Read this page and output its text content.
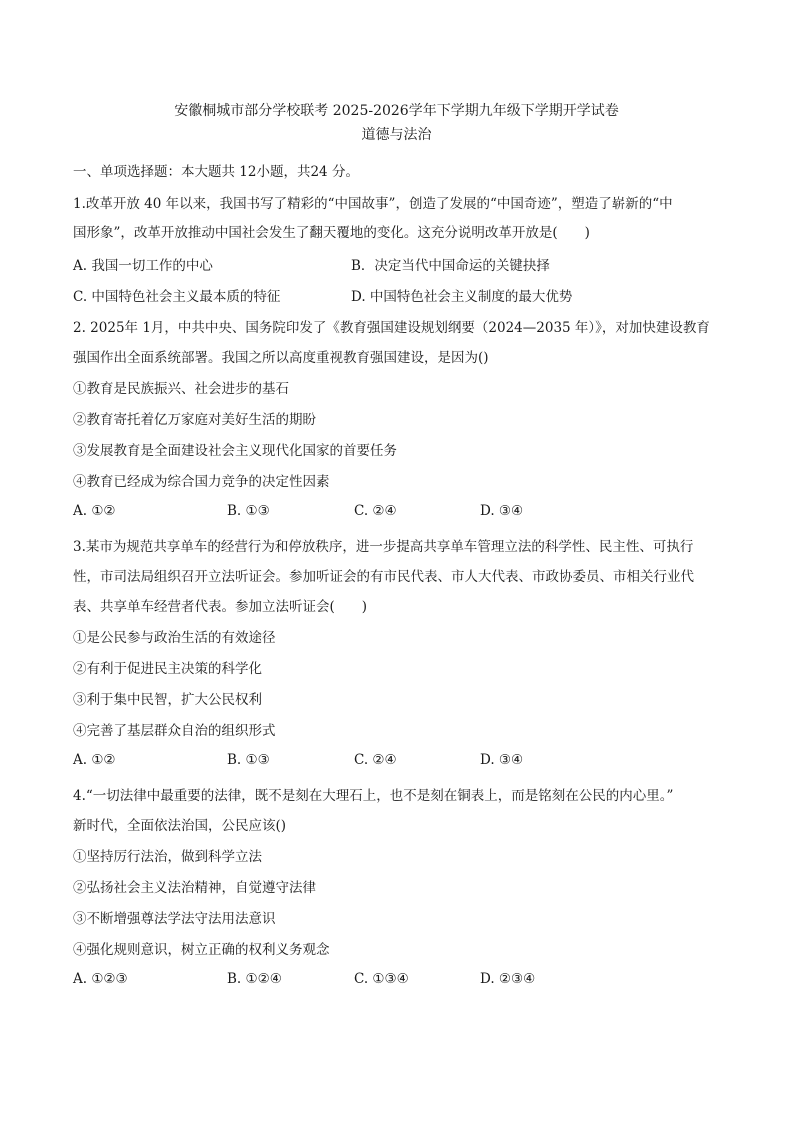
安徽桐城市部分学校联考 2025-2026学年下学期九年级下学期开学试卷
道德与法治
一、单项选择题：本大题共 12小题，共24 分。
1.改革开放 40 年以来，我国书写了精彩的“中国故事”，创造了发展的“中国奇迹”，塑造了崭新的“中
国形象”，改革开放推动中国社会发生了翻天覆地的变化。这充分说明改革开放是(　　)
A. 我国一切工作的中心	B．决定当代中国命运的关键抉择
C. 中国特色社会主义最本质的特征	D. 中国特色社会主义制度的最大优势
2. 2025年 1月，中共中央、国务院印发了《教育强国建设规划纲要（2024—2035 年）》，对加快建设教育
强国作出全面系统部署。我国之所以高度重视教育强国建设，是因为()
①教育是民族振兴、社会进步的基石
②教育寄托着亿万家庭对美好生活的期盼
③发展教育是全面建设社会主义现代化国家的首要任务
④教育已经成为综合国力竞争的决定性因素
A. ①②	B. ①③	C. ②④	D. ③④
3.某市为规范共享单车的经营行为和停放秩序，进一步提高共享单车管理立法的科学性、民主性、可执行
性，市司法局组织召开立法听证会。参加听证会的有市民代表、市人大代表、市政协委员、市相关行业代
表、共享单车经营者代表。参加立法听证会(　　)
①是公民参与政治生活的有效途径
②有利于促进民主决策的科学化
③利于集中民智，扩大公民权利
④完善了基层群众自治的组织形式
A. ①②	B. ①③	C. ②④	D. ③④
4.“一切法律中最重要的法律，既不是刻在大理石上，也不是刻在铜表上，而是铭刻在公民的内心里。”
新时代，全面依法治国，公民应该()
①坚持厉行法治，做到科学立法
②弘扬社会主义法治精神，自觉遵守法律
③不断增强尊法学法守法用法意识
④强化规则意识，树立正确的权利义务观念
A. ①②③	B. ①②④	C. ①③④	D. ②③④
